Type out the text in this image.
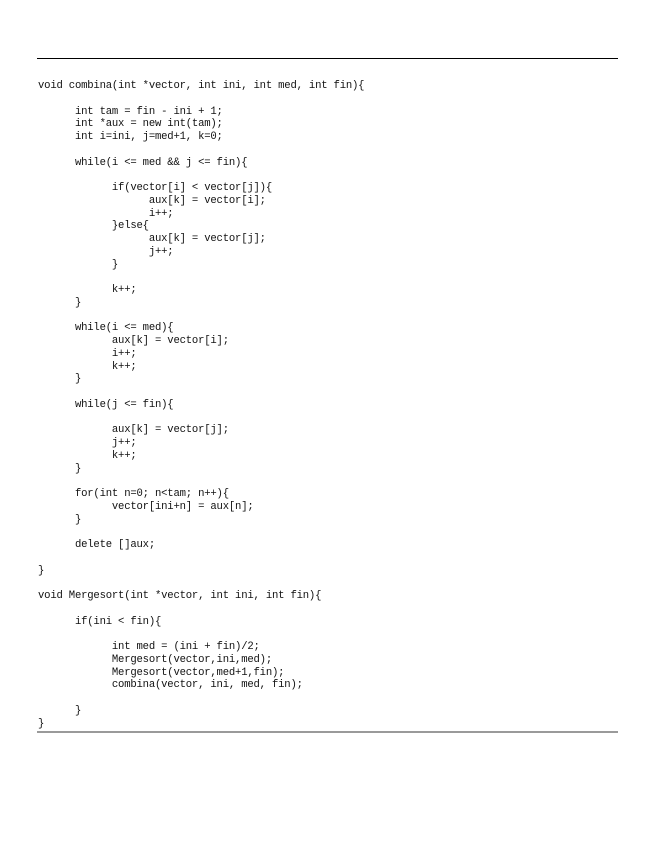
void combina(int *vector, int ini, int med, int fin){
int tam = fin - ini + 1;
int *aux = new int(tam);
int i=ini, j=med+1, k=0;
while(i <= med && j <= fin){
if(vector[i] < vector[j]){
aux[k] = vector[i];
i++;
}else{
aux[k] = vector[j];
j++;
}
k++;
}
while(i <= med){
aux[k] = vector[i];
i++;
k++;
}
while(j <= fin){
aux[k] = vector[j];
j++;
k++;
}
for(int n=0; n<tam; n++){
vector[ini+n] = aux[n];
}
delete []aux;
}
void Mergesort(int *vector, int ini, int fin){
if(ini < fin){
int med = (ini + fin)/2;
Mergesort(vector,ini,med);
Mergesort(vector,med+1,fin);
combina(vector, ini, med, fin);
}
}
